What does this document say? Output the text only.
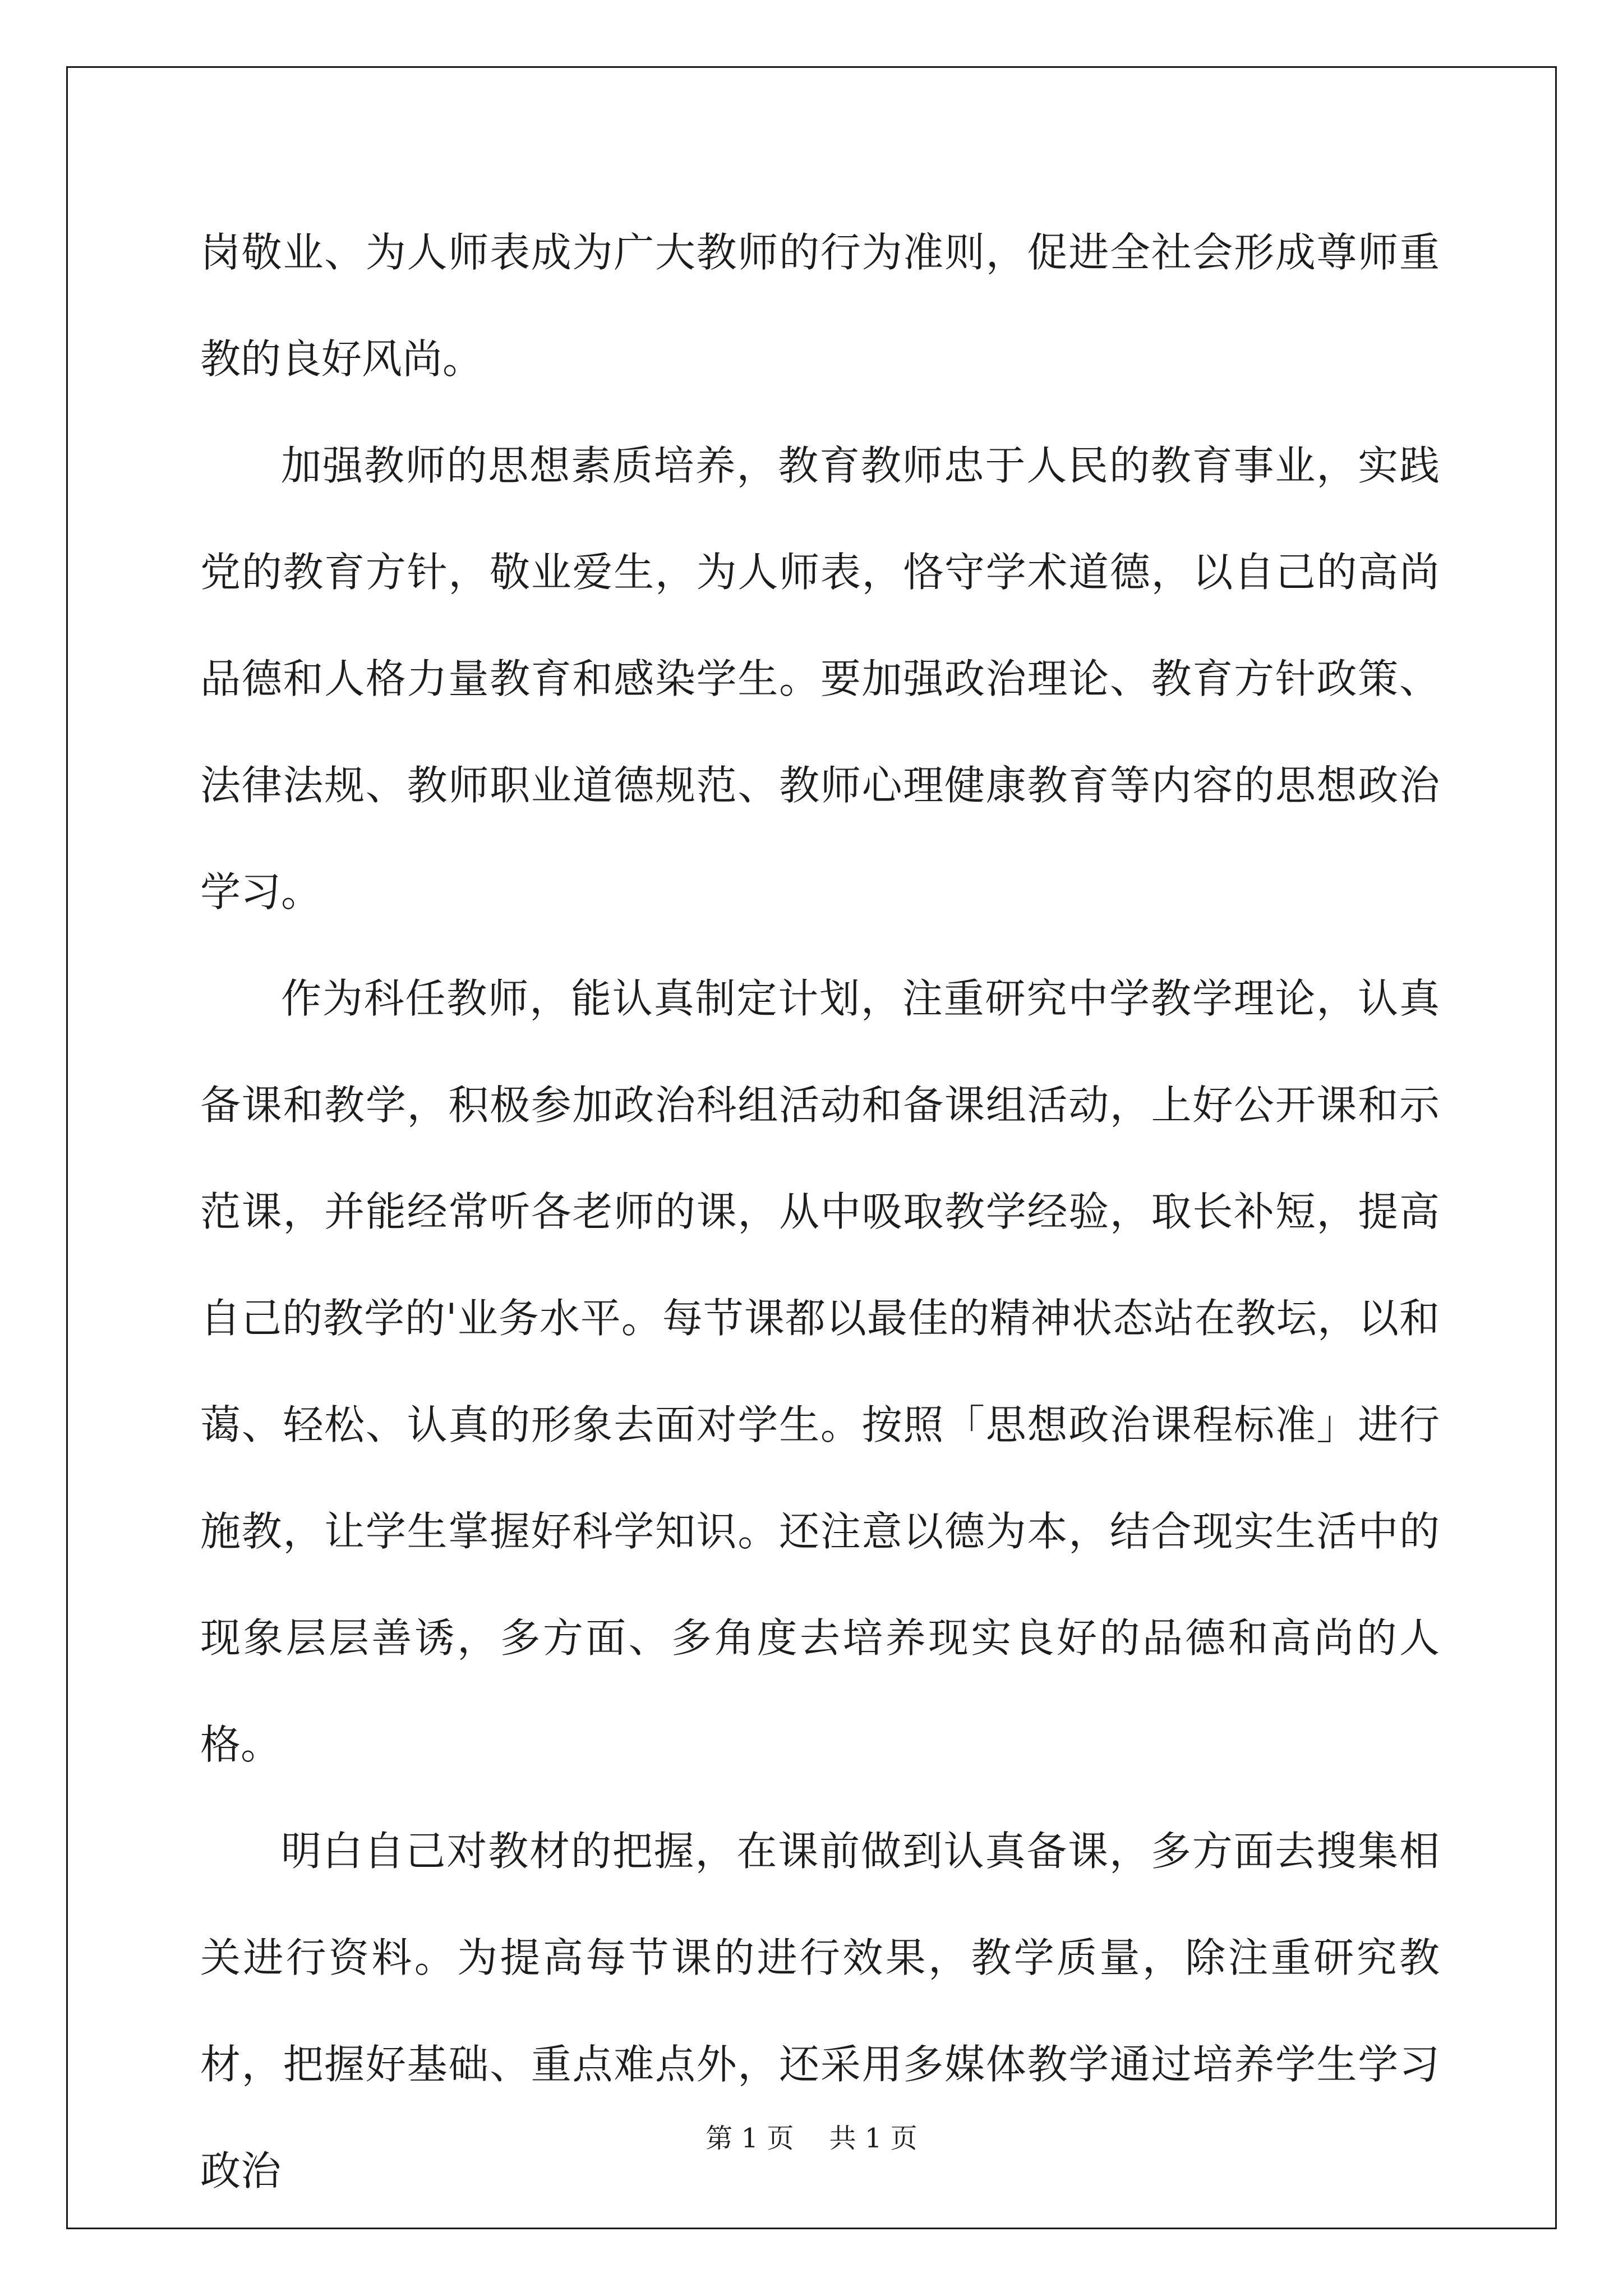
岗敬业、为人师表成为广大教师的行为准则，促进全社会形成尊师重教的良好风尚。

加强教师的思想素质培养，教育教师忠于人民的教育事业，实践党的教育方针，敬业爱生，为人师表，恪守学术道德，以自己的高尚品德和人格力量教育和感染学生。要加强政治理论、教育方针政策、法律法规、教师职业道德规范、教师心理健康教育等内容的思想政治学习。

作为科任教师，能认真制定计划，注重研究中学教学理论，认真备课和教学，积极参加政治科组活动和备课组活动，上好公开课和示范课，并能经常听各老师的课，从中吸取教学经验，取长补短，提高自己的教学的'业务水平。每节课都以最佳的精神状态站在教坛，以和蔼、轻松、认真的形象去面对学生。按照「思想政治课程标准」进行施教，让学生掌握好科学知识。还注意以德为本，结合现实生活中的现象层层善诱，多方面、多角度去培养现实良好的品德和高尚的人格。

明白自己对教材的把握，在课前做到认真备课，多方面去搜集相关进行资料。为提高每节课的进行效果，教学质量，除注重研究教材，把握好基础、重点难点外，还采用多媒体教学通过培养学生学习政治

第 1 页 共 1 页
